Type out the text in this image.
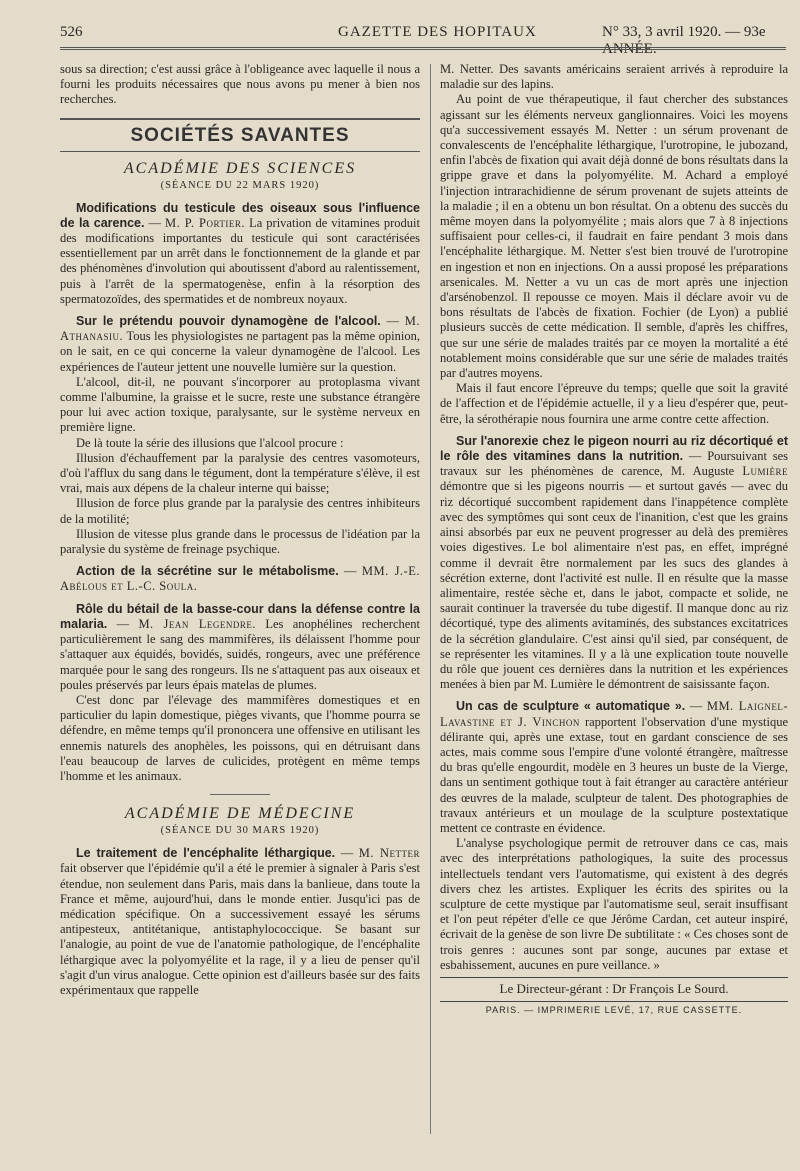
526	GAZETTE DES HOPITAUX	N° 33, 3 avril 1920. — 93e ANNÉE.

sous sa direction; c'est aussi grâce à l'obligeance avec laquelle il nous a fourni les produits nécessaires que nous avons pu mener à bien nos recherches.

SOCIÉTÉS SAVANTES
ACADÉMIE DES SCIENCES
(SÉANCE DU 22 MARS 1920)

Modifications du testicule des oiseaux sous l'influence de la carence. — M. P. Portier. La privation de vitamines produit des modifications importantes du testicule qui sont caractérisées essentiellement par un arrêt dans le fonctionnement de la glande et par des phénomènes d'involution qui aboutissent d'abord au ralentissement, puis à l'arrêt de la spermatogenèse, enfin à la résorption des spermatozoïdes, des spermatides et de nombreux noyaux.

Sur le prétendu pouvoir dynamogène de l'alcool. — M. Athanasiu. Tous les physiologistes ne partagent pas la même opinion, on le sait, en ce qui concerne la valeur dynamogène de l'alcool. Les expériences de l'auteur jettent une nouvelle lumière sur la question.

L'alcool, dit-il, ne pouvant s'incorporer au protoplasma vivant comme l'albumine, la graisse et le sucre, reste une substance étrangère pour lui avec action toxique, paralysante, sur le système nerveux en première ligne.

De là toute la série des illusions que l'alcool procure :

Illusion d'échauffement par la paralysie des centres vasomoteurs, d'où l'afflux du sang dans le tégument, dont la température s'élève, il est vrai, mais aux dépens de la chaleur interne qui baisse;

Illusion de force plus grande par la paralysie des centres inhibiteurs de la motilité;

Illusion de vitesse plus grande dans le processus de l'idéation par la paralysie du système de freinage psychique.

Action de la sécrétine sur le métabolisme. — MM. J.-E. Abélous et L.-C. Soula.

Rôle du bétail de la basse-cour dans la défense contre la malaria. — M. Jean Legendre. Les anophélines recherchent particulièrement le sang des mammifères, ils délaissent l'homme pour s'attaquer aux équidés, bovidés, suidés, rongeurs, avec une préférence marquée pour le sang des rongeurs. Ils ne s'attaquent pas aux oiseaux et poules préservés par leurs épais matelas de plumes.

C'est donc par l'élevage des mammifères domestiques et en particulier du lapin domestique, pièges vivants, que l'homme pourra se défendre, en même temps qu'il prononcera une offensive en utilisant les ennemis naturels des anophèles, les poissons, qui en détruisant dans l'eau beaucoup de larves de culicides, protègent en même temps l'homme et les animaux.

ACADÉMIE DE MÉDECINE
(SÉANCE DU 30 MARS 1920)

Le traitement de l'encéphalite léthargique. — M. Netter fait observer que l'épidémie qu'il a été le premier à signaler à Paris s'est étendue, non seulement dans Paris, mais dans la banlieue, dans toute la France et même, aujourd'hui, dans le monde entier. Jusqu'ici pas de médication spécifique. On a successivement essayé les sérums antipesteux, antitétanique, antistaphylococcique. Se basant sur l'analogie, au point de vue de l'anatomie pathologique, de l'encéphalite léthargique avec la polyomyélite et la rage, il y a lieu de penser qu'il s'agit d'un virus analogue. Cette opinion est d'ailleurs basée sur des faits expérimentaux que rappelle

M. Netter. Des savants américains seraient arrivés à reproduire la maladie sur des lapins.

Au point de vue thérapeutique, il faut chercher des substances agissant sur les éléments nerveux ganglionnaires. Voici les moyens qu'a successivement essayés M. Netter : un sérum provenant de convalescents de l'encéphalite léthargique, l'urotropine, le jubozand, enfin l'abcès de fixation qui avait déjà donné de bons résultats dans la grippe grave et dans la polyomyélite. M. Achard a employé l'injection intrarachidienne de sérum provenant de sujets atteints de la maladie ; il en a obtenu un bon résultat. On a obtenu des succès du même moyen dans la polyomyélite ; mais alors que 7 à 8 injections suffisaient pour celles-ci, il faudrait en faire pendant 3 mois dans l'encéphalite léthargique. M. Netter s'est bien trouvé de l'urotropine en ingestion et non en injections. On a aussi proposé les préparations arsenicales. M. Netter a vu un cas de mort après une injection d'arsénobenzol. Il repousse ce moyen. Mais il déclare avoir vu de bons résultats de l'abcès de fixation. Fochier (de Lyon) a publié plusieurs succès de cette médication. Il semble, d'après les chiffres, que sur une série de malades traités par ce moyen la mortalité a été notablement moins considérable que sur une série de malades traités par d'autres moyens.

Mais il faut encore l'épreuve du temps; quelle que soit la gravité de l'affection et de l'épidémie actuelle, il y a lieu d'espérer que, peut-être, la sérothérapie nous fournira une arme contre cette affection.

Sur l'anorexie chez le pigeon nourri au riz décortiqué et le rôle des vitamines dans la nutrition. — Poursuivant ses travaux sur les phénomènes de carence, M. Auguste Lumière démontre que si les pigeons nourris — et surtout gavés — avec du riz décortiqué succombent rapidement dans l'inappétence complète avec des symptômes qui sont ceux de l'inanition, c'est que les grains ainsi absorbés par eux ne peuvent progresser au delà des premières voies digestives. Le bol alimentaire n'est pas, en effet, imprégné comme il devrait être normalement par les sucs des glandes à sécrétion externe, dont l'activité est nulle. Il en résulte que la masse alimentaire, restée sèche et, dans le jabot, compacte et solide, ne saurait continuer la traversée du tube digestif. Il manque donc au riz décortiqué, type des aliments avitaminés, des substances excitatrices de la sécrétion glandulaire. C'est ainsi qu'il sied, par conséquent, de se représenter les vitamines. Il y a là une explication toute nouvelle du rôle que jouent ces dernières dans la nutrition et les expériences menées à bien par M. Lumière le démontrent de saisissante façon.

Un cas de sculpture « automatique ». — MM. Laignel-Lavastine et J. Vinchon rapportent l'observation d'une mystique délirante qui, après une extase, tout en gardant conscience de ses actes, mais comme sous l'empire d'une volonté étrangère, maîtresse du bras qu'elle engourdit, modèle en 3 heures un buste de la Vierge, dans un sentiment gothique tout à fait étranger au caractère antérieur des œuvres de la malade, sculpteur de talent. Des photographies de travaux antérieurs et un moulage de la sculpture postextatique mettent ce contraste en évidence.

L'analyse psychologique permit de retrouver dans ce cas, mais avec des interprétations pathologiques, la suite des processus intellectuels tendant vers l'automatisme, qui existent à des degrés divers chez les artistes. Expliquer les écrits des spirites ou la sculpture de cette mystique par l'automatisme seul, serait insuffisant et l'on peut répéter d'elle ce que Jérôme Cardan, cet auteur inspiré, écrivait de la genèse de son livre De subtilitate : « Ces choses sont de trois genres : aucunes sont par songe, aucunes par extase et esbahissement, aucunes en pure veillance. »

Le Directeur-gérant : Dr François Le Sourd.
PARIS. — IMPRIMERIE LEVÉ, 17, RUE CASSETTE.
